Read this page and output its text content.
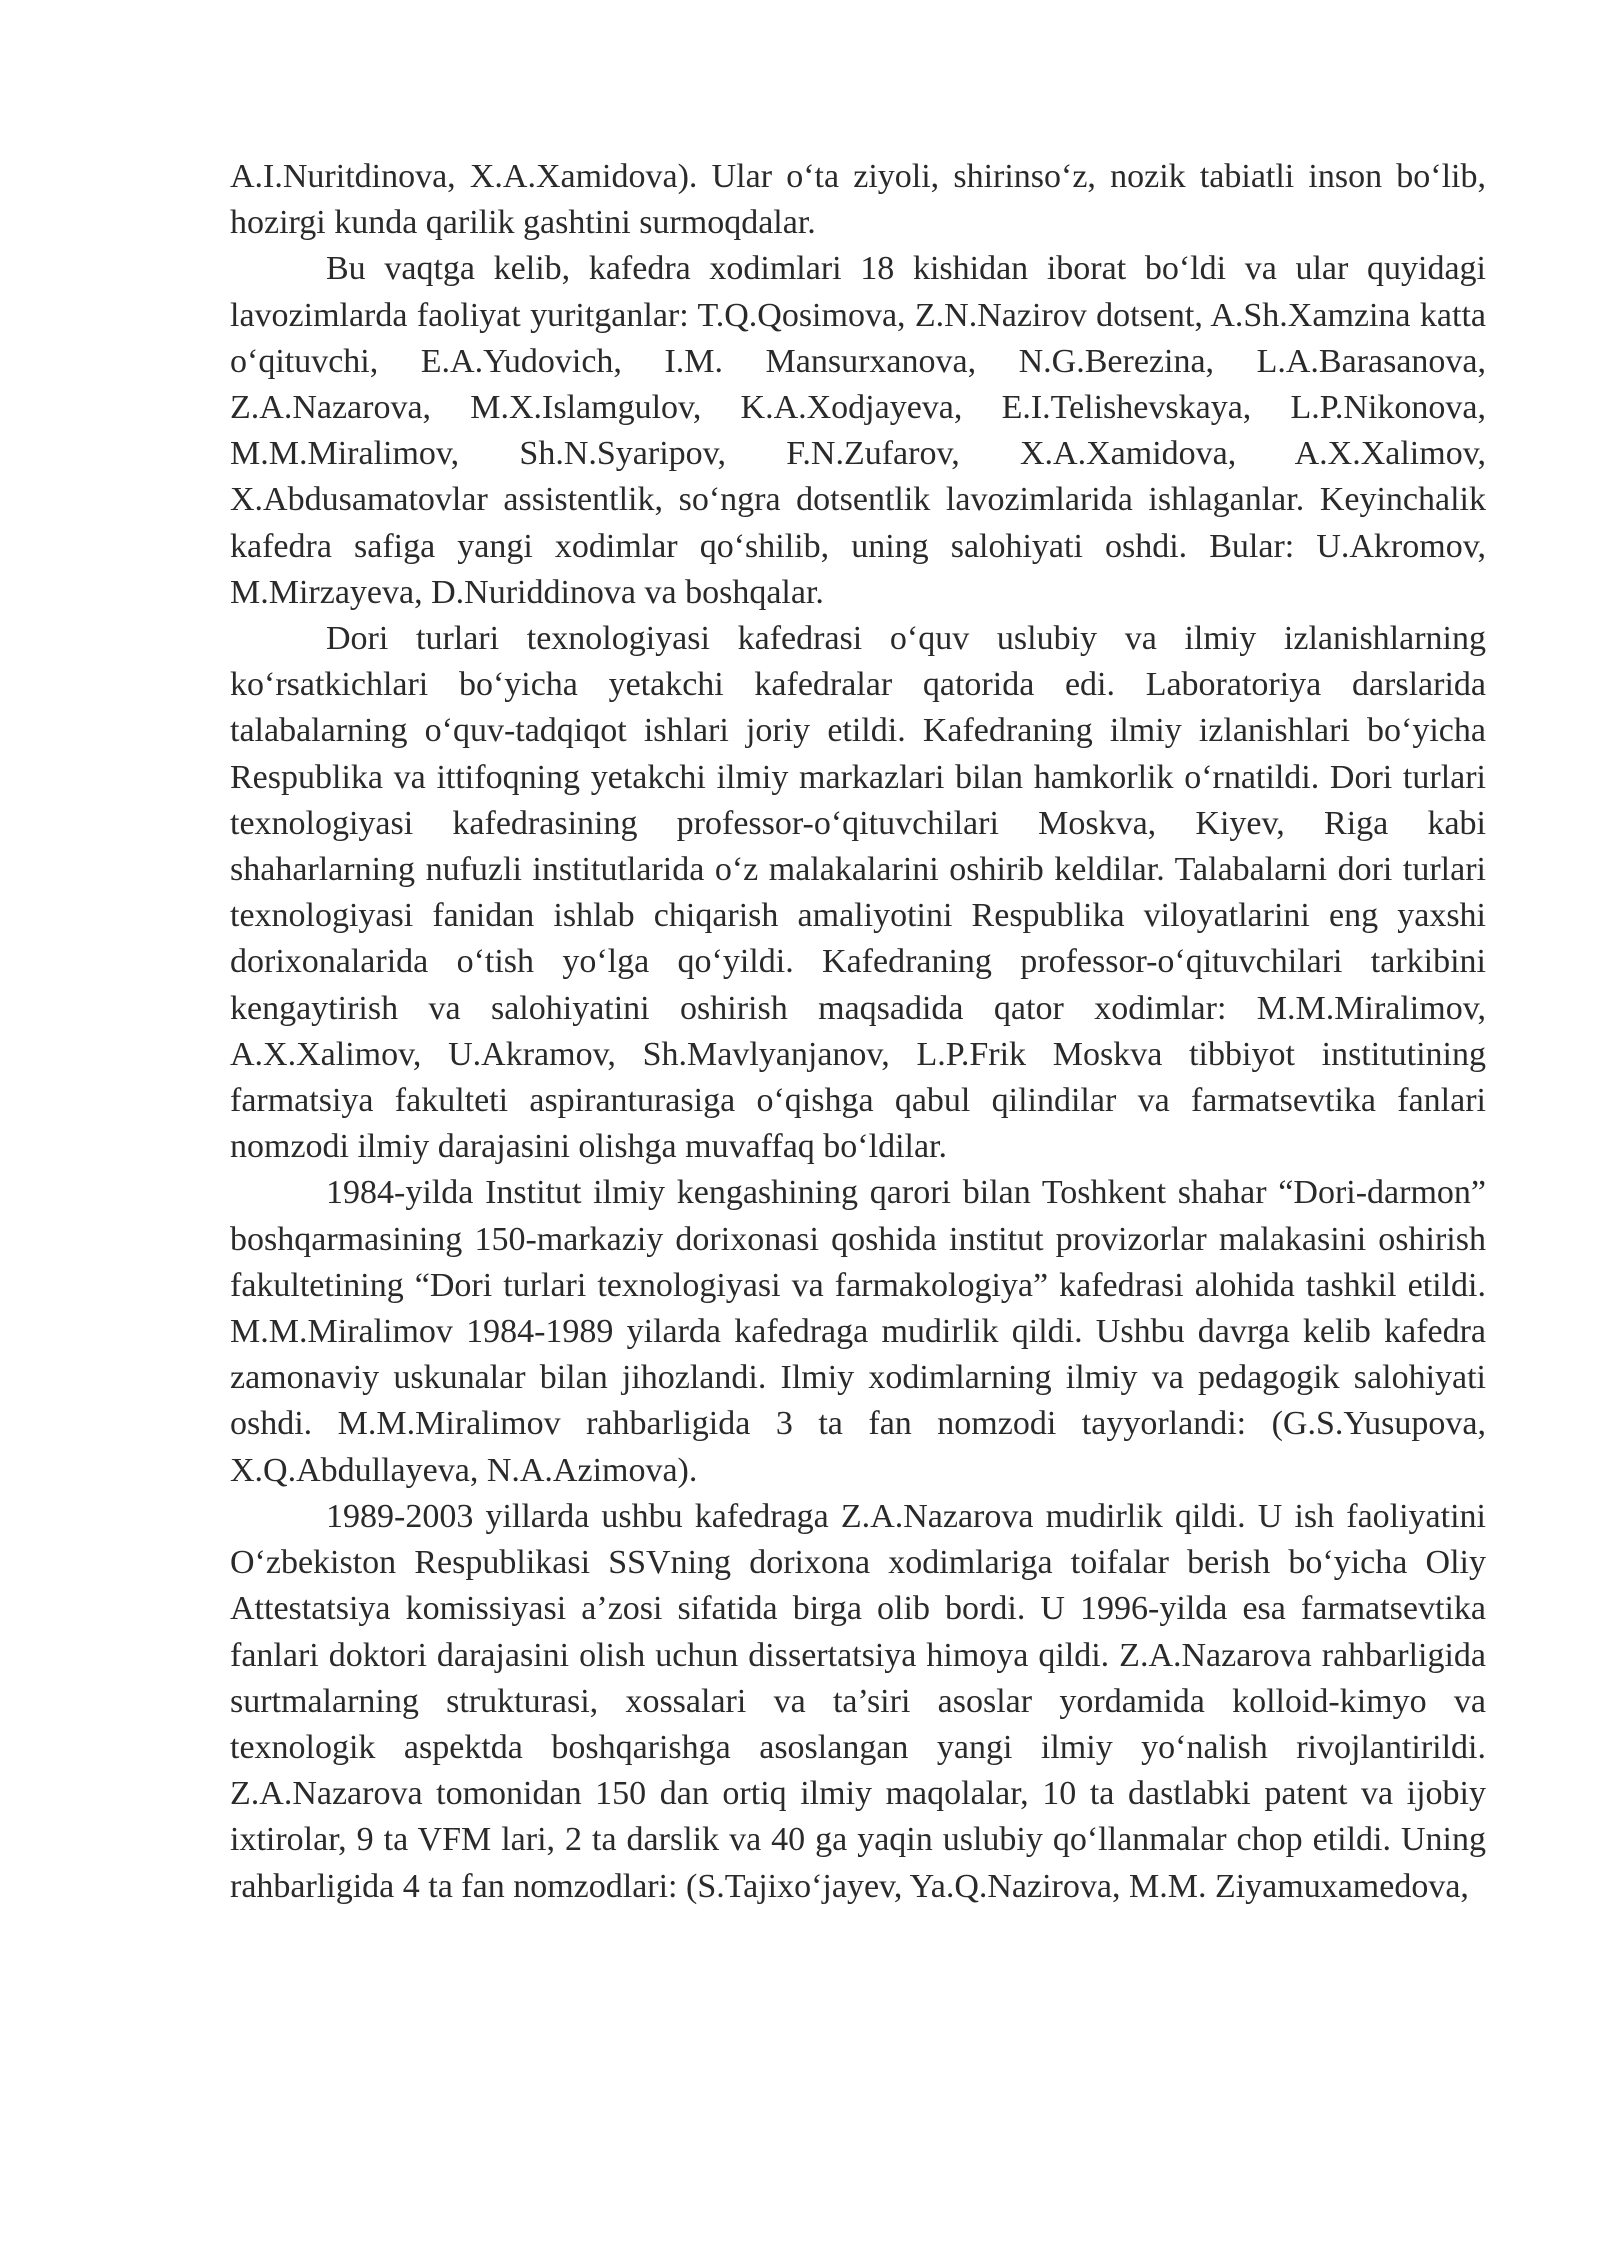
A.I.Nuritdinova, X.A.Xamidova). Ular o‘ta ziyoli, shirinso‘z, nozik tabiatli inson bo‘lib, hozirgi kunda qarilik gashtini surmoqdalar.

Bu vaqtga kelib, kafedra xodimlari 18 kishidan iborat bo‘ldi va ular quyidagi lavozimlarda faoliyat yuritganlar: T.Q.Qosimova, Z.N.Nazirov dotsent, A.Sh.Xamzina katta o‘qituvchi, E.A.Yudovich, I.M. Mansurxanova, N.G.Berezina, L.A.Barasanova, Z.A.Nazarova, M.X.Islamgulov, K.A.Xodjayeva, E.I.Telishevskaya, L.P.Nikonova, M.M.Miralimov, Sh.N.Syaripov, F.N.Zufarov, X.A.Xamidova, A.X.Xalimov, X.Abdusamatovlar assistentlik, so‘ngra dotsentlik lavozimlarida ishlaganlar. Keyinchalik kafedra safiga yangi xodimlar qo‘shilib, uning salohiyati oshdi. Bular: U.Akromov, M.Mirzayeva, D.Nuriddinova va boshqalar.

Dori turlari texnologiyasi kafedrasi o‘quv uslubiy va ilmiy izlanishlarning ko‘rsatkichlari bo‘yicha yetakchi kafedralar qatorida edi. Laboratoriya darslarida talabalarning o‘quv-tadqiqot ishlari joriy etildi. Kafedraning ilmiy izlanishlari bo‘yicha Respublika va ittifoqning yetakchi ilmiy markazlari bilan hamkorlik o‘rnatildi. Dori turlari texnologiyasi kafedrasining professor-o‘qituvchilari Moskva, Kiyev, Riga kabi shaharlarning nufuzli institutlarida o‘z malakalarini oshirib keldilar. Talabalarni dori turlari texnologiyasi fanidan ishlab chiqarish amaliyotini Respublika viloyatlarini eng yaxshi dorixonalarida o‘tish yo‘lga qo‘yildi. Kafedraning professor-o‘qituvchilari tarkibini kengaytirish va salohiyatini oshirish maqsadida qator xodimlar: M.M.Miralimov, A.X.Xalimov, U.Akramov, Sh.Mavlyanjanov, L.P.Frik Moskva tibbiyot institutining farmatsiya fakulteti aspiranturasiga o‘qishga qabul qilindilar va farmatsevtika fanlari nomzodi ilmiy darajasini olishga muvaffaq bo‘ldilar.

1984-yilda Institut ilmiy kengashining qarori bilan Toshkent shahar “Dori-darmon” boshqarmasining 150-markaziy dorixonasi qoshida institut provizorlar malakasini oshirish fakultetining “Dori turlari texnologiyasi va farmakologiya” kafedrasi alohida tashkil etildi. M.M.Miralimov 1984-1989 yilarda kafedraga mudirlik qildi. Ushbu davrga kelib kafedra zamonaviy uskunalar bilan jihozlandi. Ilmiy xodimlarning ilmiy va pedagogik salohiyati oshdi. M.M.Miralimov rahbarligida 3 ta fan nomzodi tayyorlandi: (G.S.Yusupova, X.Q.Abdullayeva, N.A.Azimova).

1989-2003 yillarda ushbu kafedraga Z.A.Nazarova mudirlik qildi. U ish faoliyatini O‘zbekiston Respublikasi SSVning dorixona xodimlariga toifalar berish bo‘yicha Oliy Attestatsiya komissiyasi a’zosi sifatida birga olib bordi. U 1996-yilda esa farmatsevtika fanlari doktori darajasini olish uchun dissertatsiya himoya qildi. Z.A.Nazarova rahbarligida surtmalarning strukturasi, xossalari va ta’siri asoslar yordamida kolloid-kimyo va texnologik aspektda boshqarishga asoslangan yangi ilmiy yo‘nalish rivojlantirildi. Z.A.Nazarova tomonidan 150 dan ortiq ilmiy maqolalar, 10 ta dastlabki patent va ijobiy ixtirolar, 9 ta VFM lari, 2 ta darslik va 40 ga yaqin uslubiy qo‘llanmalar chop etildi. Uning rahbarligida 4 ta fan nomzodlari: (S.Tajixo‘jayev, Ya.Q.Nazirova, M.M. Ziyamuxamedova,
